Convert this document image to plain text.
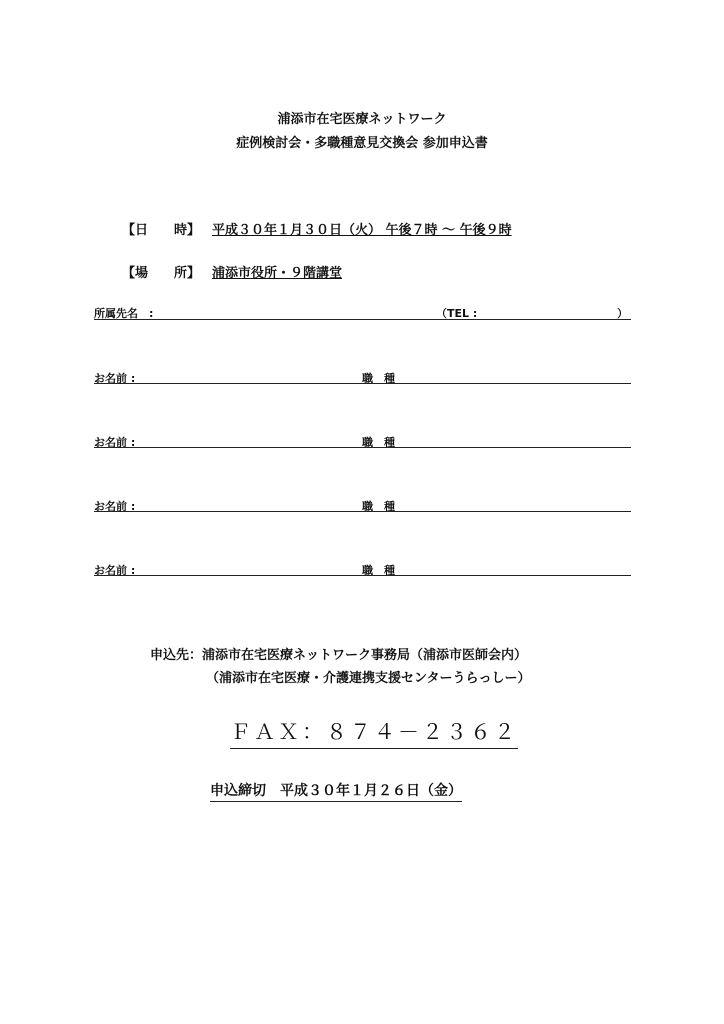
浦添市在宅医療ネットワーク
症例検討会・多職種意見交換会 参加申込書
【日　　時】 平成３０年１月３０日（火） 午後７時 ～ 午後９時
【場　　所】 浦添市役所・９階講堂
所属先名　:	（TEL :	）
お名前 :	職　種
お名前 :	職　種
お名前 :	職　種
お名前 :	職　種
申込先：浦添市在宅医療ネットワーク事務局（浦添市医師会内）
（浦添市在宅医療・介護連携支援センターうらっしー）
ＦＡＸ：８７４－２３６２
申込締切　平成３０年１月２６日（金）
